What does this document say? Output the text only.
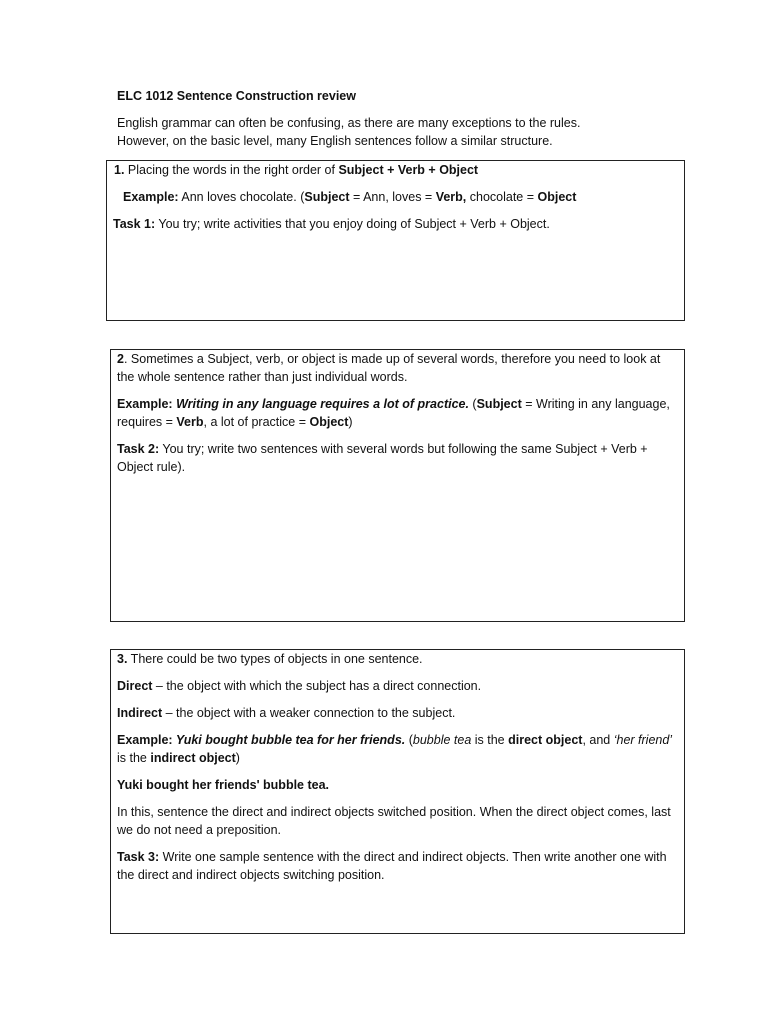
ELC 1012 Sentence Construction review
English grammar can often be confusing, as there are many exceptions to the rules.
However, on the basic level, many English sentences follow a similar structure.

1. Placing the words in the right order of Subject + Verb + Object

Example: Ann loves chocolate. (Subject = Ann, loves = Verb, chocolate = Object

Task 1: You try; write activities that you enjoy doing of Subject + Verb + Object.

2. Sometimes a Subject, verb, or object is made up of several words, therefore you need to look at the whole sentence rather than just individual words.

Example: Writing in any language requires a lot of practice. (Subject = Writing in any language, requires = Verb, a lot of practice = Object)

Task 2: You try; write two sentences with several words but following the same Subject + Verb + Object rule).

3. There could be two types of objects in one sentence.

Direct – the object with which the subject has a direct connection.

Indirect – the object with a weaker connection to the subject.

Example: Yuki bought bubble tea for her friends. (bubble tea is the direct object, and ‘her friend’ is the indirect object)

Yuki bought her friends' bubble tea.

In this, sentence the direct and indirect objects switched position. When the direct object comes, last we do not need a preposition.

Task 3: Write one sample sentence with the direct and indirect objects. Then write another one with the direct and indirect objects switching position.
